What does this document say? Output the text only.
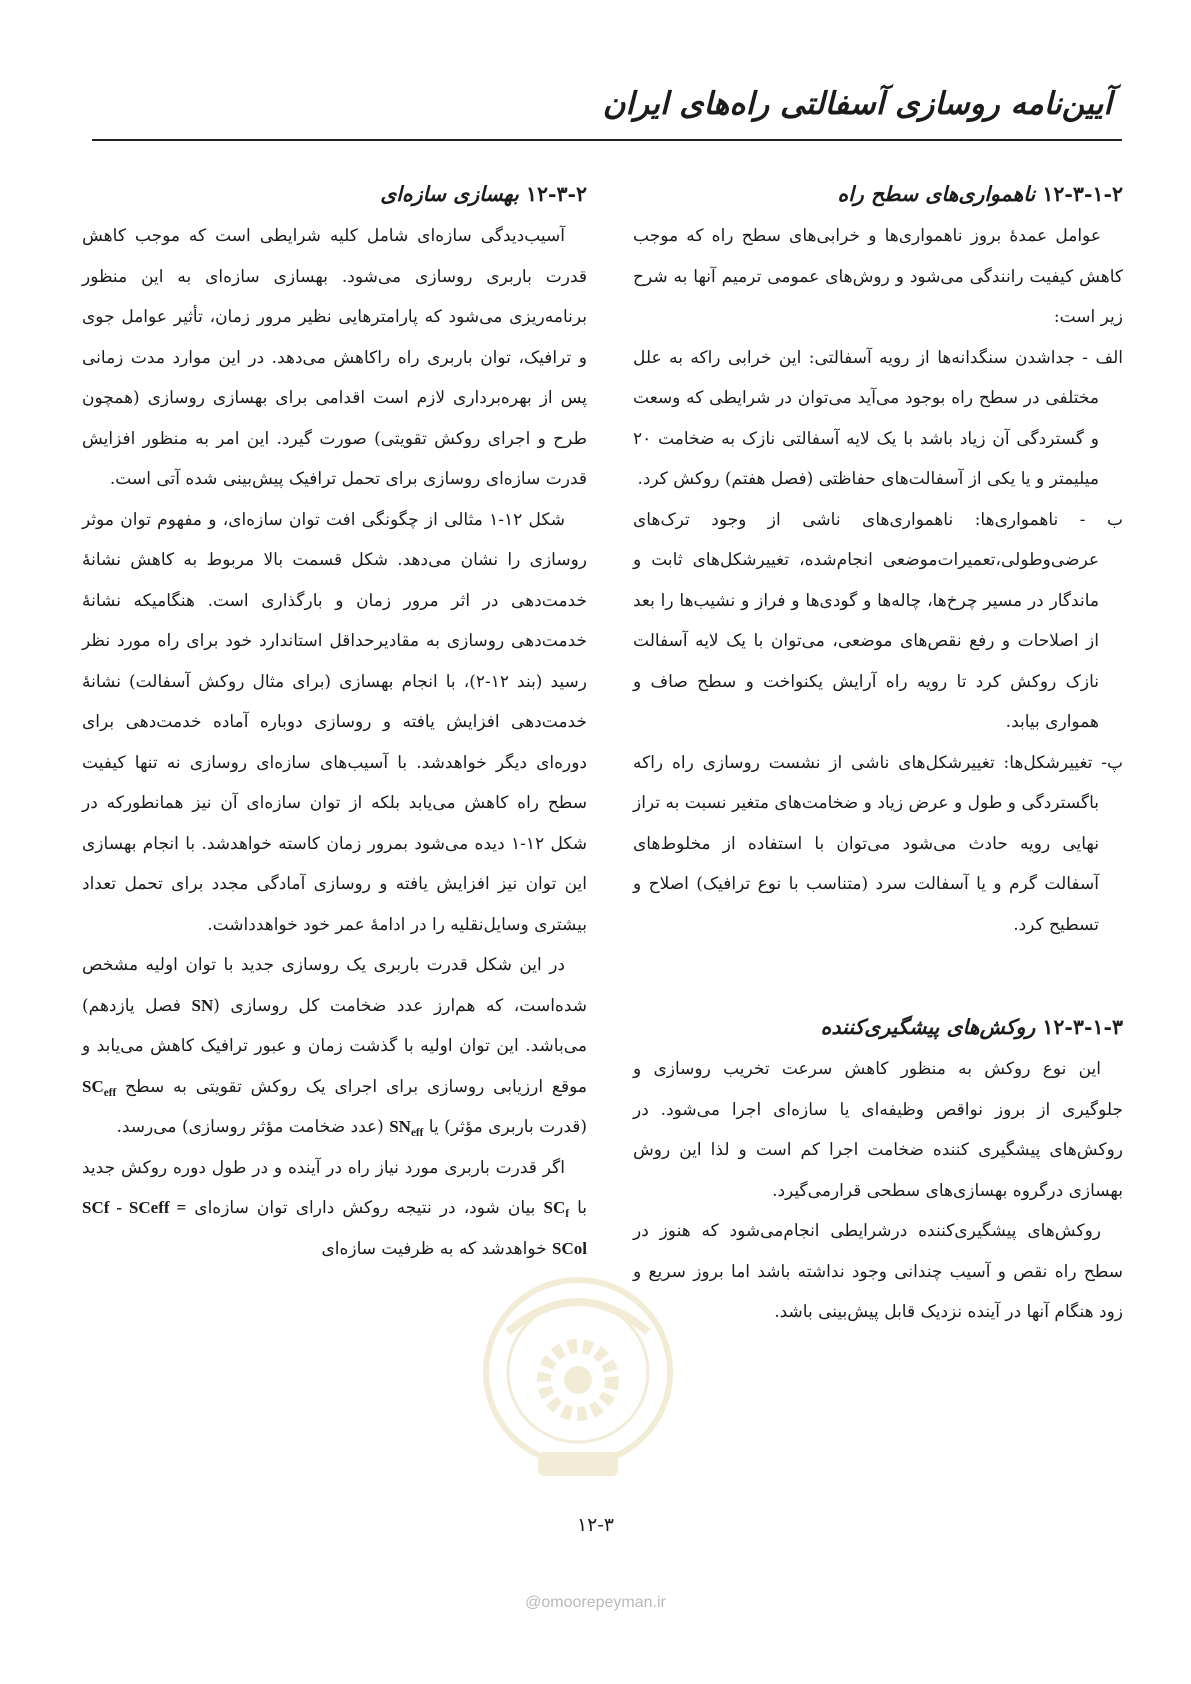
آیین‌نامه روسازی آسفالتی راه‌های ایران

۱۲-۳-۱-۲ ناهمواری‌های سطح راه

عوامل عمدهٔ بروز ناهمواری‌ها و خرابی‌های سطح راه که موجب کاهش کیفیت رانندگی می‌شود و روش‌های عمومی ترمیم آنها به شرح زیر است:

الف - جداشدن سنگدانه‌ها از رویه آسفالتی: این خرابی راکه به علل مختلفی در سطح راه بوجود می‌آید می‌توان در شرایطی که وسعت و گستردگی آن زیاد باشد با یک لایه آسفالتی نازک به ضخامت ۲۰ میلیمتر و یا یکی از آسفالت‌های حفاظتی (فصل هفتم) روکش کرد.

ب - ناهمواری‌ها: ناهمواری‌های ناشی از وجود ترک‌های عرضی‌وطولی،تعمیرات‌موضعی انجام‌شده، تغییرشکل‌های ثابت و ماندگار در مسیر چرخ‌ها، چاله‌ها و گودی‌ها و فراز و نشیب‌ها را بعد از اصلاحات و رفع نقص‌های موضعی، می‌توان با یک لایه آسفالت نازک روکش کرد تا رویه راه آرایش یکنواخت و سطح صاف و همواری بیابد.

پ- تغییرشکل‌ها: تغییرشکل‌های ناشی از نشست روسازی راه راکه باگستردگی و طول و عرض زیاد و ضخامت‌های متغیر نسبت به تراز نهایی رویه حادث می‌شود می‌توان با استفاده از مخلوط‌های آسفالت گرم و یا آسفالت سرد (متناسب با نوع ترافیک) اصلاح و تسطیح کرد.

۱۲-۳-۱-۳ روکش‌های پیشگیری‌کننده

این نوع روکش به منظور کاهش سرعت تخریب روسازی و جلوگیری از بروز نواقص وظیفه‌ای یا سازه‌ای اجرا می‌شود. در روکش‌های پیشگیری کننده ضخامت اجرا کم است و لذا این روش بهسازی درگروه بهسازی‌های سطحی قرارمی‌گیرد.

روکش‌های پیشگیری‌کننده درشرایطی انجام‌می‌شود که هنوز در سطح راه نقص و آسیب چندانی وجود نداشته باشد اما بروز سریع و زود هنگام آنها در آینده نزدیک قابل پیش‌بینی باشد.

۱۲-۳-۲ بهسازی سازه‌ای

آسیب‌دیدگی سازه‌ای شامل کلیه شرایطی است که موجب کاهش قدرت باربری روسازی می‌شود. بهسازی سازه‌ای به این منظور برنامه‌ریزی می‌شود که پارامترهایی نظیر مرور زمان، تأثیر عوامل جوی و ترافیک، توان باربری راه راکاهش می‌دهد. در این موارد مدت زمانی پس از بهره‌برداری لازم است اقدامی برای بهسازی روسازی (همچون طرح و اجرای روکش تقویتی) صورت گیرد. این امر به منظور افزایش قدرت سازه‌ای روسازی برای تحمل ترافیک پیش‌بینی شده آتی است.

شکل ۱۲-۱ مثالی از چگونگی افت توان سازه‌ای، و مفهوم توان موثر روسازی را نشان می‌دهد. شکل قسمت بالا مربوط به کاهش نشانهٔ خدمت‌دهی در اثر مرور زمان و بارگذاری است. هنگامیکه نشانهٔ خدمت‌دهی روسازی به مقادیرحداقل استاندارد خود برای راه مورد نظر رسید (بند ۱۲-۲)، با انجام بهسازی (برای مثال روکش آسفالت) نشانهٔ خدمت‌دهی افزایش یافته و روسازی دوباره آماده خدمت‌دهی برای دوره‌ای دیگر خواهدشد. با آسیب‌های سازه‌ای روسازی نه تنها کیفیت سطح راه کاهش می‌یابد بلکه از توان سازه‌ای آن نیز همانطورکه در شکل ۱۲-۱ دیده می‌شود بمرور زمان کاسته خواهدشد. با انجام بهسازی این توان نیز افزایش یافته و روسازی آمادگی مجدد برای تحمل تعداد بیشتری وسایل‌نقلیه را در ادامهٔ عمر خود خواهدداشت.

در این شکل قدرت باربری یک روسازی جدید با توان اولیه مشخص شده‌است، که هم‌ارز عدد ضخامت کل روسازی (SN فصل یازدهم) می‌باشد. این توان اولیه با گذشت زمان و عبور ترافیک کاهش می‌یابد و موقع ارزیابی روسازی برای اجرای یک روکش تقویتی به سطح $SC_{eff}$ (قدرت باربری مؤثر) یا $SN_{eff}$ (عدد ضخامت مؤثر روسازی) می‌رسد.

اگر قدرت باربری مورد نیاز راه در آینده و در طول دوره روکش جدید با $SC_f$ بیان شود، در نتیجه روکش دارای توان سازه‌ای SCf - SCeff = SCol خواهدشد که به ظرفیت سازه‌ای

۱۲-۳
@omoorepeyman.ir
